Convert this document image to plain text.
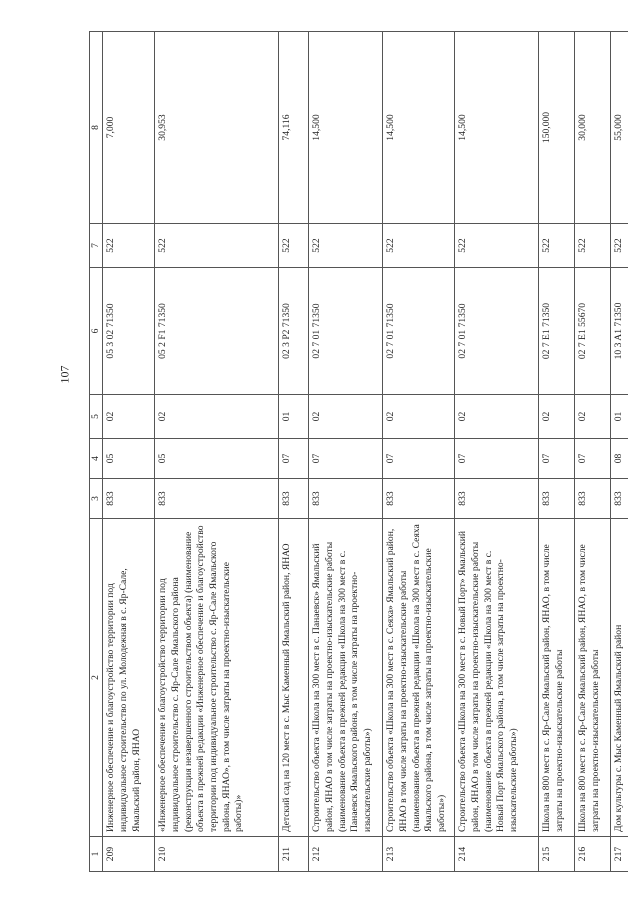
107
1	2	3	4	5	6	7	8
209	Инженерное обеспечение и благоустройство территории под индивидуальное строительство по ул. Молодежная в с. Яр-Сале, Ямальский район, ЯНАО	833	05	02	05 3 02 71350	522	7,000
210	«Инженерное обеспечение и благоустройство территории под индивидуальное строительство с. Яр-Сале Ямальского района (реконструкция незавершенного строительством объекта) (наименование объекта в прежней редакции «Инженерное обеспечение и благоустройство территории под индивидуальное строительство с. Яр-Сале Ямальского района, ЯНАО», в том числе затраты на проектно-изыскательские работы)»	833	05	02	05 2 F1 71350	522	30,953
211	Детский сад на 120 мест в с. Мыс Каменный Ямальский район, ЯНАО	833	07	01	02 3 P2 71350	522	74,116
212	Строительство объекта «Школа на 300 мест в с. Панаевск» Ямальский район, ЯНАО в том числе затраты на проектно-изыскательские работы (наименование объекта в прежней редакции «Школа на 300 мест в с. Панаевск Ямальского района, в том числе затраты на проектно-изыскательские работы»)	833	07	02	02 7 01 71350	522	14,500
213	Строительство объекта «Школа на 300 мест в с. Сеяха» Ямальский район, ЯНАО в том числе затраты на проектно-изыскательские работы (наименование объекта в прежней редакции «Школа на 300 мест в с. Сеяха Ямальского района, в том числе затраты на проектно-изыскательские работы»)	833	07	02	02 7 01 71350	522	14,500
214	Строительство объекта «Школа на 300 мест в с. Новый Порт» Ямальский район, ЯНАО в том числе затраты на проектно-изыскательские работы (наименование объекта в прежней редакции «Школа на 300 мест в с. Новый Порт Ямальского района, в том числе затраты на проектно-изыскательские работы»)	833	07	02	02 7 01 71350	522	14,500
215	Школа на 800 мест в с. Яр-Сале Ямальский район, ЯНАО, в том числе затраты на проектно-изыскательские работы	833	07	02	02 7 E1 71350	522	150,000
216	Школа на 800 мест в с. Яр-Сале Ямальский район, ЯНАО, в том числе затраты на проектно-изыскательские работы	833	07	02	02 7 E1 55670	522	30,000
217	Дом культуры с. Мыс Каменный Ямальский район	833	08	01	10 3 A1 71350	522	55,000
